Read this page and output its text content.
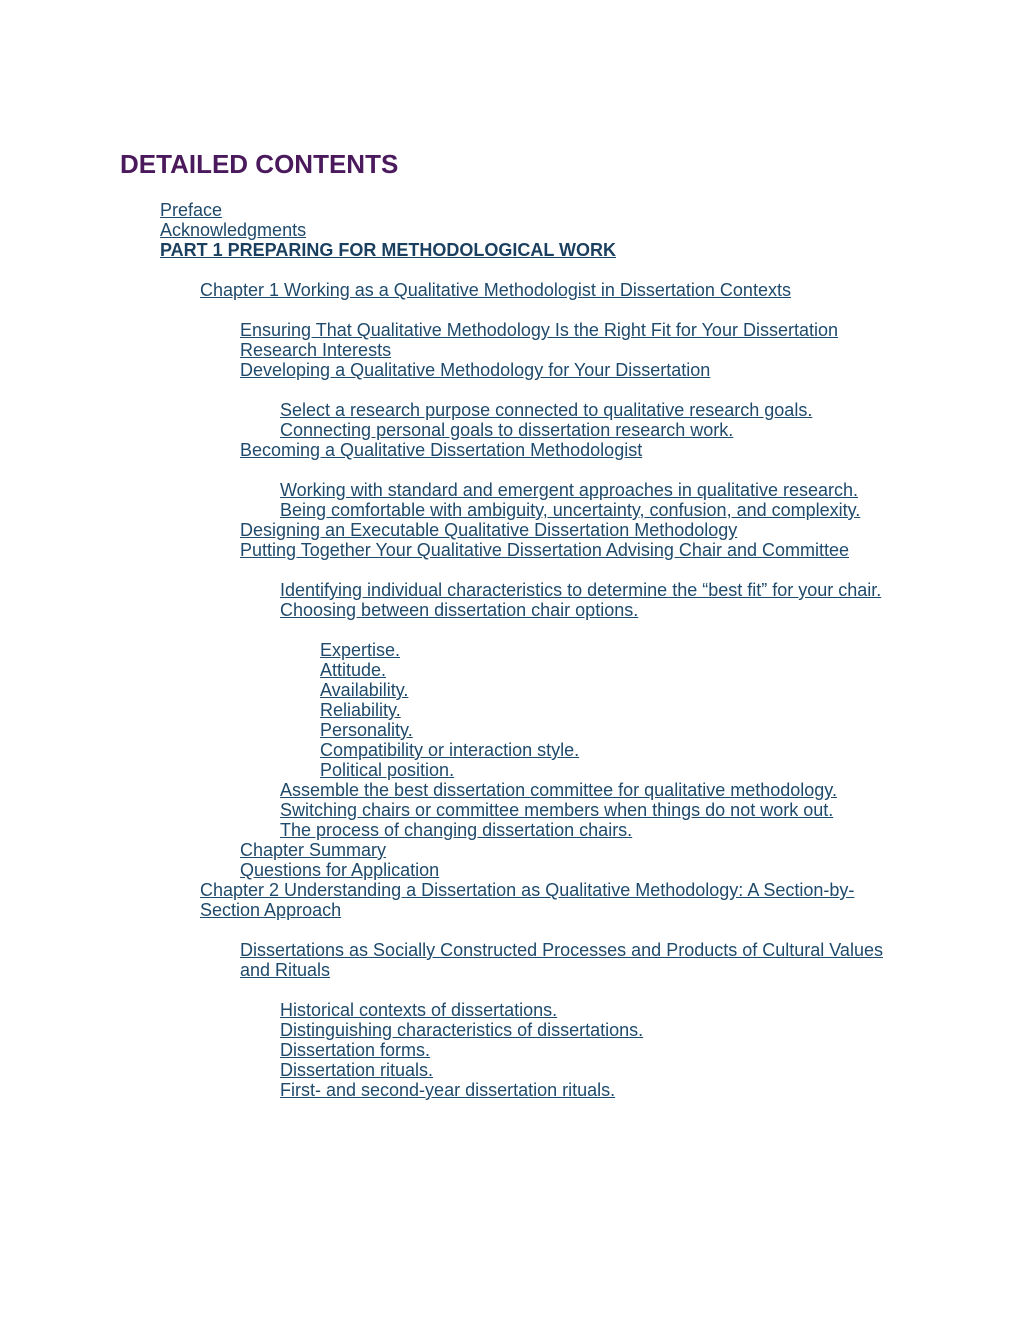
DETAILED CONTENTS
Preface
Acknowledgments
PART 1 PREPARING FOR METHODOLOGICAL WORK
Chapter 1 Working as a Qualitative Methodologist in Dissertation Contexts
Ensuring That Qualitative Methodology Is the Right Fit for Your Dissertation Research Interests
Developing a Qualitative Methodology for Your Dissertation
Select a research purpose connected to qualitative research goals.
Connecting personal goals to dissertation research work.
Becoming a Qualitative Dissertation Methodologist
Working with standard and emergent approaches in qualitative research.
Being comfortable with ambiguity, uncertainty, confusion, and complexity.
Designing an Executable Qualitative Dissertation Methodology
Putting Together Your Qualitative Dissertation Advising Chair and Committee
Identifying individual characteristics to determine the “best fit” for your chair.
Choosing between dissertation chair options.
Expertise.
Attitude.
Availability.
Reliability.
Personality.
Compatibility or interaction style.
Political position.
Assemble the best dissertation committee for qualitative methodology.
Switching chairs or committee members when things do not work out.
The process of changing dissertation chairs.
Chapter Summary
Questions for Application
Chapter 2 Understanding a Dissertation as Qualitative Methodology: A Section-by-Section Approach
Dissertations as Socially Constructed Processes and Products of Cultural Values and Rituals
Historical contexts of dissertations.
Distinguishing characteristics of dissertations.
Dissertation forms.
Dissertation rituals.
First- and second-year dissertation rituals.
